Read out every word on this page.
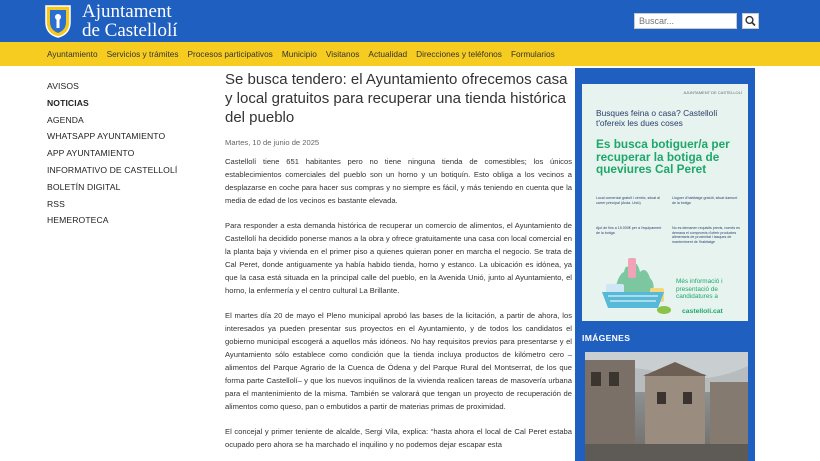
Ajuntament
de Castellolí
Buscar...
Ayuntamiento Servicios y trámites Procesos participativos Municipio Visitanos Actualidad Direcciones y teléfonos Formularios
AVISOS
NOTICIAS
AGENDA
WHATSAPP AYUNTAMIENTO
APP AYUNTAMIENTO
INFORMATIVO DE CASTELLOLÍ
BOLETÍN DIGITAL
RSS
HEMEROTECA
Se busca tendero: el Ayuntamiento ofrecemos casa y local gratuitos para recuperar una tienda histórica del pueblo
Martes, 10 de junio de 2025

Castellolí tiene 651 habitantes pero no tiene ninguna tienda de comestibles; los únicos establecimientos comerciales del pueblo son un horno y un botiquín. Esto obliga a los vecinos a desplazarse en coche para hacer sus compras y no siempre es fácil, y más teniendo en cuenta que la media de edad de los vecinos es bastante elevada.

Para responder a esta demanda histórica de recuperar un comercio de alimentos, el Ayuntamiento de Castellolí ha decidido ponerse manos a la obra y ofrece gratuitamente una casa con local comercial en la planta baja y vivienda en el primer piso a quienes quieran poner en marcha el negocio. Se trata de Cal Peret, donde antiguamente ya había habido tienda, horno y estanco. La ubicación es idónea, ya que la casa está situada en la principal calle del pueblo, en la Avenida Unió, junto al Ayuntamiento, el horno, la enfermería y el centro cultural La Brillante.

El martes día 20 de mayo el Pleno municipal aprobó las bases de la licitación, a partir de ahora, los interesados ya pueden presentar sus proyectos en el Ayuntamiento, y de todos los candidatos el gobierno municipal escogerá a aquellos más idóneos. No hay requisitos previos para presentarse y el Ayuntamiento sólo establece como condición que la tienda incluya productos de kilómetro cero –alimentos del Parque Agrario de la Cuenca de Ódena y del Parque Rural del Montserrat, de los que forma parte Castellolí– y que los nuevos inquilinos de la vivienda realicen tareas de masovería urbana para el mantenimiento de la misma. También se valorará que tengan un proyecto de recuperación de alimentos como queso, pan o embutidos a partir de materias primas de proximidad.

El concejal y primer teniente de alcalde, Sergi Vila, explica: “hasta ahora el local de Cal Peret estaba ocupado pero ahora se ha marchado el inquilino y no podemos dejar escapar esta

AJUNTAMENT DE CASTELLOLÍ
Busques feina o casa? Castellolí t'ofereix les dues coses
Es busca botiguer/a per recuperar la botiga de queviures Cal Peret
Local comercial gratuït i cèntric, situat al carrer principal (Avda. Unió)
Lloguer d'habitatge gratuït, situat damunt de la botiga
Ajut de fins a 15.000€ per a l'equipament de la botiga
No es demanen requisits previs, només es demana el compromís d'oferir productes alimentaris de proximitat i tasques de manteniment de l'habitatge
Més informació i presentació de candidatures a
castellolí.cat
IMÁGENES
